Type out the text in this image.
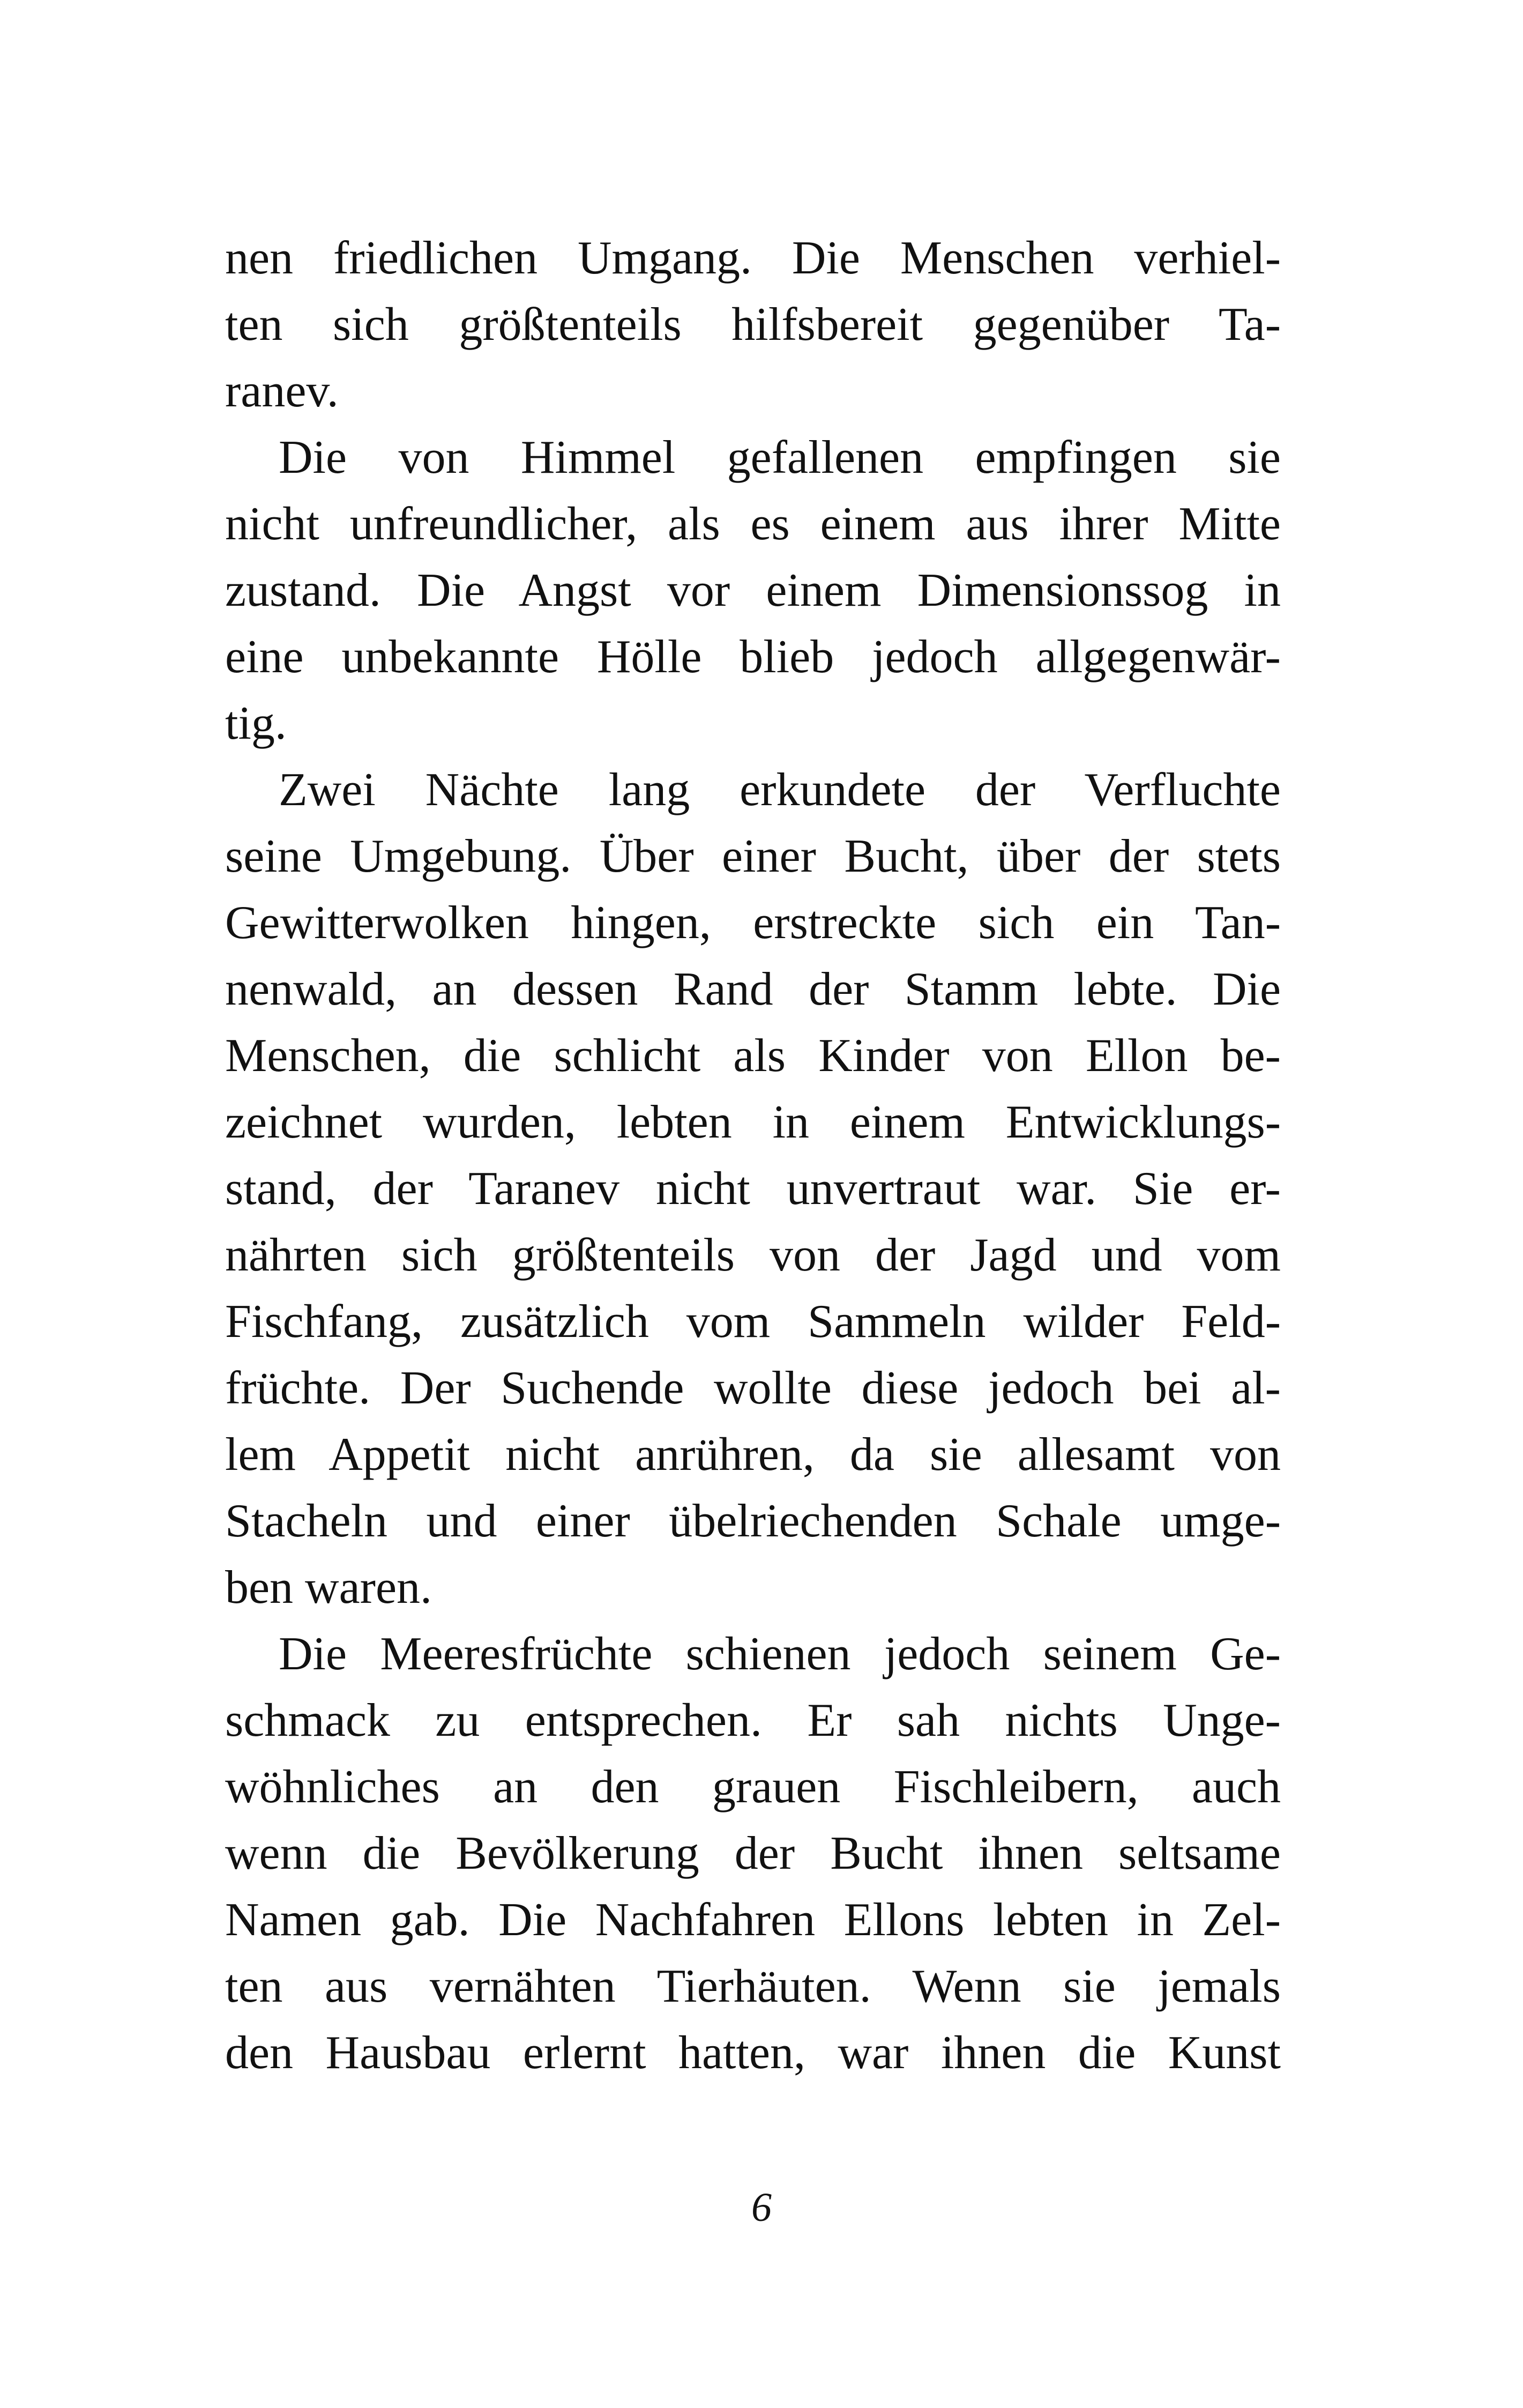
nen friedlichen Umgang. Die Menschen verhiel-
ten sich größtenteils hilfsbereit gegenüber Ta-
ranev.
Die von Himmel gefallenen empfingen sie
nicht unfreundlicher, als es einem aus ihrer Mitte
zustand. Die Angst vor einem Dimensionssog in
eine unbekannte Hölle blieb jedoch allgegenwär-
tig.
Zwei Nächte lang erkundete der Verfluchte
seine Umgebung. Über einer Bucht, über der stets
Gewitterwolken hingen, erstreckte sich ein Tan-
nenwald, an dessen Rand der Stamm lebte. Die
Menschen, die schlicht als Kinder von Ellon be-
zeichnet wurden, lebten in einem Entwicklungs-
stand, der Taranev nicht unvertraut war. Sie er-
nährten sich größtenteils von der Jagd und vom
Fischfang, zusätzlich vom Sammeln wilder Feld-
früchte. Der Suchende wollte diese jedoch bei al-
lem Appetit nicht anrühren, da sie allesamt von
Stacheln und einer übelriechenden Schale umge-
ben waren.
Die Meeresfrüchte schienen jedoch seinem Ge-
schmack zu entsprechen. Er sah nichts Unge-
wöhnliches an den grauen Fischleibern, auch
wenn die Bevölkerung der Bucht ihnen seltsame
Namen gab. Die Nachfahren Ellons lebten in Zel-
ten aus vernähten Tierhäuten. Wenn sie jemals
den Hausbau erlernt hatten, war ihnen die Kunst
6
